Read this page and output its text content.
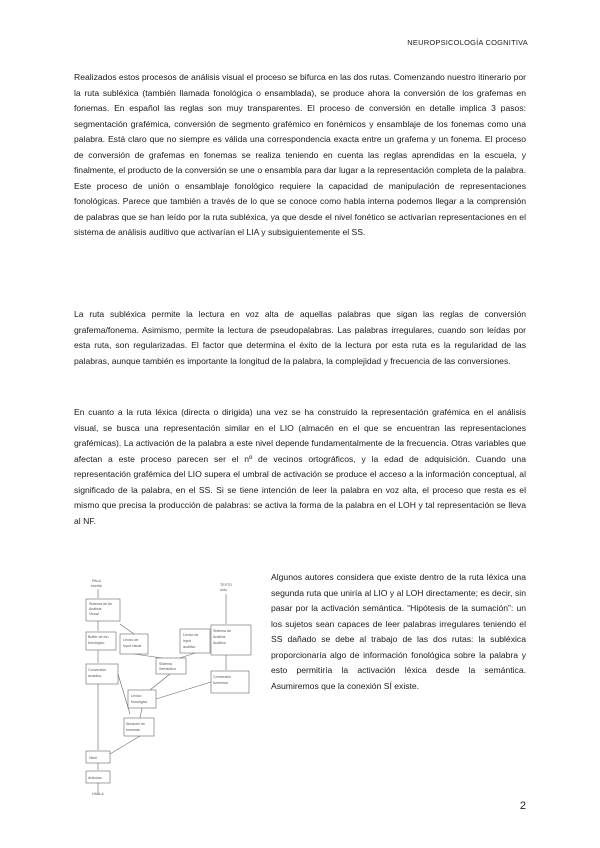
NEUROPSICOLOGÍA COGNITIVA

Realizados estos procesos de análisis visual el proceso se bifurca en las dos rutas. Comenzando nuestro itinerario por la ruta subléxica (también llamada fonológica o ensamblada), se produce ahora la conversión de los grafemas en fonemas. En español las reglas son muy transparentes. El proceso de conversión en detalle implica 3 pasos: segmentación grafémica, conversión de segmento grafémico en fonémicos y ensamblaje de los fonemas como una palabra. Está claro que no siempre es válida una correspondencia exacta entre un grafema y un fonema. El proceso de conversión de grafemas en fonemas se realiza teniendo en cuenta las reglas aprendidas en la escuela, y finalmente, el producto de la conversión se une o ensambla para dar lugar a la representación completa de la palabra. Este proceso de unión o ensamblaje fonológico requiere la capacidad de manipulación de representaciones fonológicas. Parece que también a través de lo que se conoce como habla interna podemos llegar a la comprensión de palabras que se han leído por la ruta subléxica, ya que desde el nivel fonético se activarían representaciones en el sistema de análisis auditivo que activarían el LIA y subsiguientemente el SS.

La ruta subléxica permite la lectura en voz alta de aquellas palabras que sigan las reglas de conversión grafema/fonema. Asimismo, permite la lectura de pseudopalabras. Las palabras irregulares, cuando son leídas por esta ruta, son regularizadas. El factor que determina el éxito de la lectura por esta ruta es la regularidad de las palabras, aunque también es importante la longitud de la palabra, la complejidad y frecuencia de las conversiones.

En cuanto a la ruta léxica (directa o dirigida) una vez se ha construido la representación grafémica en el análisis visual, se busca una representación similar en el LIO (almacén en el que se encuentran las representaciones grafémicas). La activación de la palabra a este nivel depende fundamentalmente de la frecuencia. Otras variables que afectan a este proceso parecen ser el nº de vecinos ortográficos, y la edad de adquisición. Cuando una representación grafémica del LIO supera el umbral de activación se produce el acceso a la información conceptual, al significado de la palabra, en el SS. Si se tiene intención de leer la palabra en voz alta, el proceso que resta es el mismo que precisa la producción de palabras: se activa la forma de la palabra en el LOH y tal representación se lleva al NF.

PALA
escrita
Sistema de An
Análisis
Visual
Buffer de fon
fonológico
Conversión
acústico-
Léxico de
Input visual
Sistema
Semántico
Léxico de
input
auditivo
TEXTO
oído
Sistema de
Análisis
Auditivo
Conversión
fonémica
Léxico
fonológico
Almacén de
fonemas
Nivel
Articulac.
HABLA

Algunos autores considera que existe dentro de la ruta léxica una segunda ruta que uniría al LIO y al LOH directamente; es decir, sin pasar por la activación semántica. “Hipótesis de la sumación”: un los sujetos sean capaces de leer palabras irregulares teniendo el SS dañado se debe al trabajo de las dos rutas: la subléxica proporcionaría algo de información fonológica sobre la palabra y esto permitiría la activación léxica desde la semántica. Asumiremos que la conexión SÍ existe.

2
